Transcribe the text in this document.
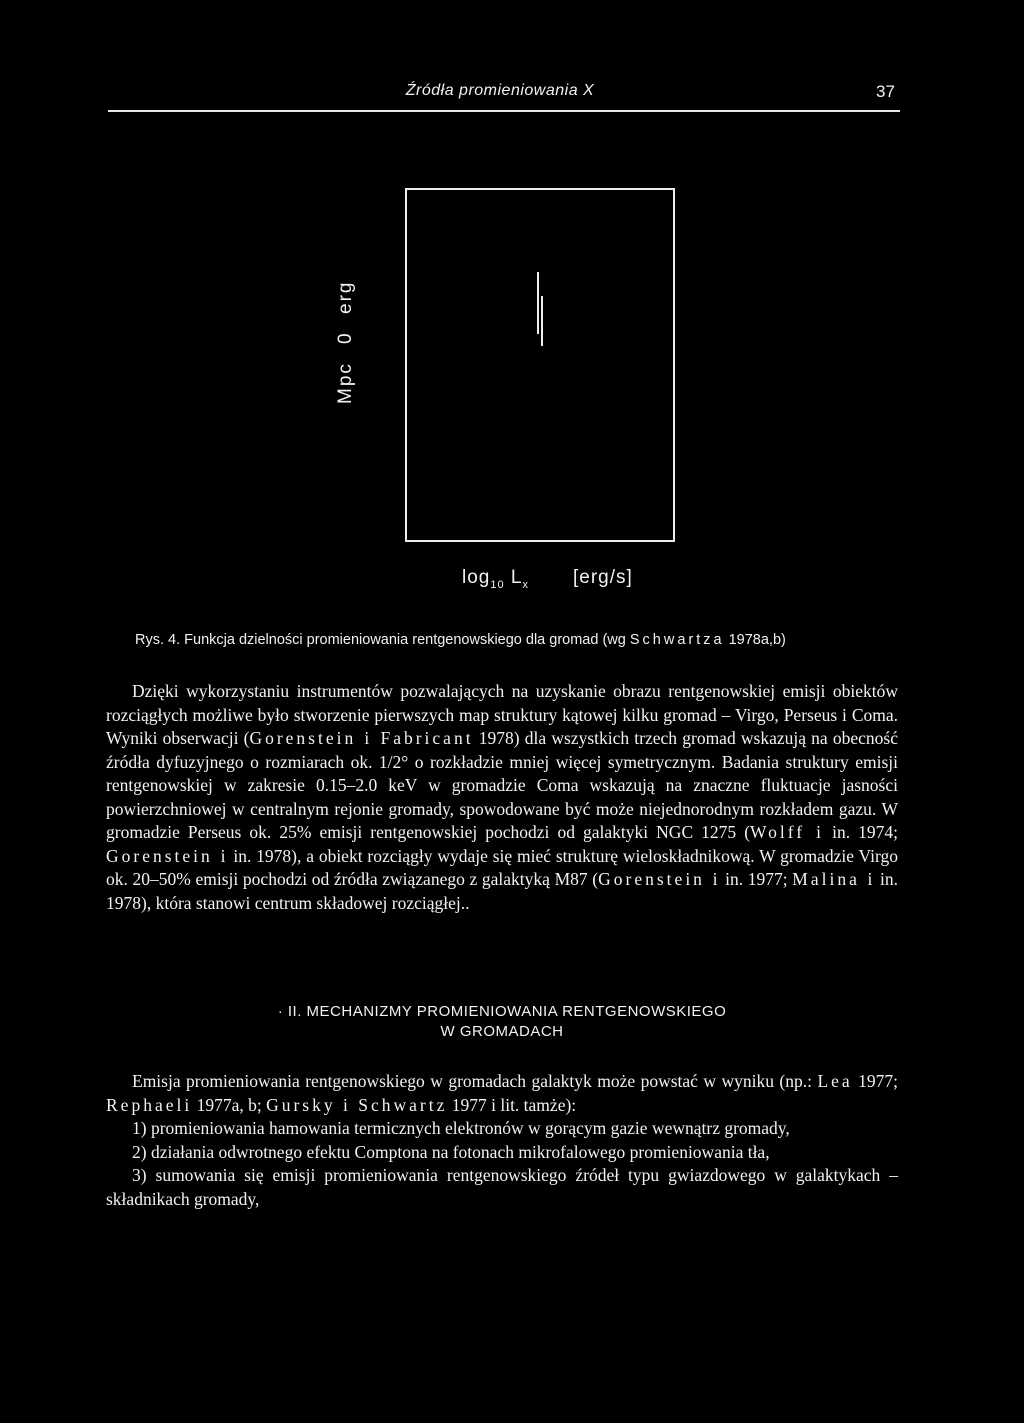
Źródła promieniowania X	37
Mpc
0
erg
$\log_{10} L_x$ [erg/s]
Rys. 4. Funkcja dzielności promieniowania rentgenowskiego dla gromad (wg Schwartza 1978a,b)
Dzięki wykorzystaniu instrumentów pozwalających na uzyskanie obrazu rentgenowskiej emisji obiektów rozciągłych możliwe było stworzenie pierwszych map struktury kątowej kilku gromad – Virgo, Perseus i Coma. Wyniki obserwacji (Gorenstein i Fabricant 1978) dla wszystkich trzech gromad wskazują na obecność źródła dyfuzyjnego o rozmiarach ok. 1/2° o rozkładzie mniej więcej symetrycznym. Badania struktury emisji rentgenowskiej w zakresie 0.15–2.0 keV w gromadzie Coma wskazują na znaczne fluktuacje jasności powierzchniowej w centralnym rejonie gromady, spowodowane być może niejednorodnym rozkładem gazu. W gromadzie Perseus ok. 25% emisji rentgenowskiej pochodzi od galaktyki NGC 1275 (Wolff i in. 1974; Gorenstein i in. 1978), a obiekt rozciągły wydaje się mieć strukturę wieloskładnikową. W gromadzie Virgo ok. 20–50% emisji pochodzi od źródła związanego z galaktyką M87 (Gorenstein i in. 1977; Malina i in. 1978), która stanowi centrum składowej rozciągłej..
· II. MECHANIZMY PROMIENIOWANIA RENTGENOWSKIEGO
W GROMADACH

Emisja promieniowania rentgenowskiego w gromadach galaktyk może powstać w wyniku (np.: Lea 1977; Rephaeli 1977a, b; Gursky i Schwartz 1977 i lit. tamże):

1) promieniowania hamowania termicznych elektronów w gorącym gazie wewnątrz gromady,

2) działania odwrotnego efektu Comptona na fotonach mikrofalowego promieniowania tła,

3) sumowania się emisji promieniowania rentgenowskiego źródeł typu gwiazdowego w galaktykach – składnikach gromady,
